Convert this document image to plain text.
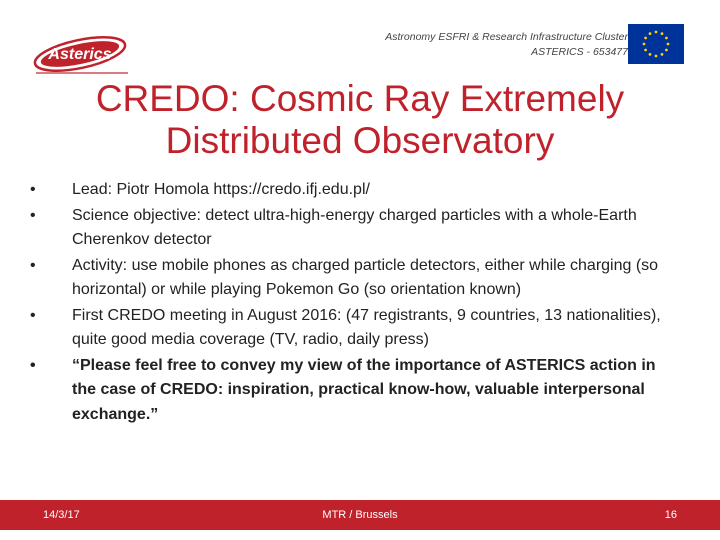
Asterics
Astronomy ESFRI & Research Infrastructure Cluster
ASTERICS - 653477
CREDO: Cosmic Ray Extremely
Distributed Observatory
• Lead: Piotr Homola https://credo.ifj.edu.pl/
• Science objective: detect ultra-high-energy charged particles with a whole-Earth Cherenkov detector
• Activity: use mobile phones as charged particle detectors, either while charging (so horizontal) or while playing Pokemon Go (so orientation known)
• First CREDO meeting in August 2016: (47 registrants, 9 countries, 13 nationalities), quite good media coverage (TV, radio, daily press)
• “Please feel free to convey my view of the importance of ASTERICS action in the case of CREDO: inspiration, practical know-how, valuable interpersonal exchange.”
14/3/17	MTR / Brussels	16
